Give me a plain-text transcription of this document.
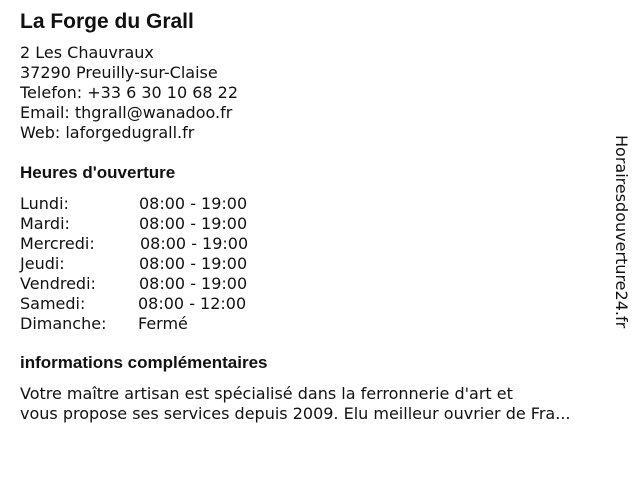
La Forge du Grall
2 Les Chauvraux
37290 Preuilly-sur-Claise
Telefon: +33 6 30 10 68 22
Email: thgrall@wanadoo.fr
Web: laforgedugrall.fr
Heures d'ouverture
Lundi:	08:00 - 19:00
Mardi:	08:00 - 19:00
Mercredi:	08:00 - 19:00
Jeudi:	08:00 - 19:00
Vendredi:	08:00 - 19:00
Samedi:	08:00 - 12:00
Dimanche: Fermé
informations complémentaires
Votre maître artisan est spécialisé dans la ferronnerie d'art et
vous propose ses services depuis 2009. Elu meilleur ouvrier de Fra...
Horairesdouverture24.fr
